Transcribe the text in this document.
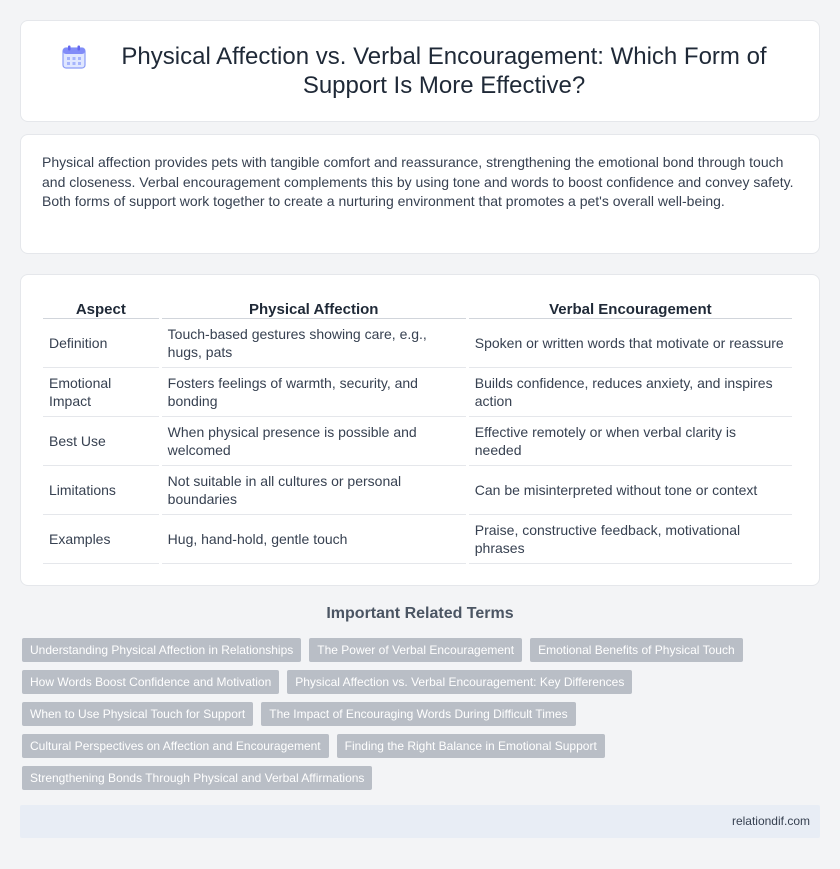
Physical Affection vs. Verbal Encouragement: Which Form of Support Is More Effective?

Physical affection provides pets with tangible comfort and reassurance, strengthening the emotional bond through touch and closeness. Verbal encouragement complements this by using tone and words to boost confidence and convey safety. Both forms of support work together to create a nurturing environment that promotes a pet's overall well-being.

Aspect	Physical Affection	Verbal Encouragement
Definition	Touch-based gestures showing care, e.g., hugs, pats	Spoken or written words that motivate or reassure
Emotional Impact	Fosters feelings of warmth, security, and bonding	Builds confidence, reduces anxiety, and inspires action
Best Use	When physical presence is possible and welcomed	Effective remotely or when verbal clarity is needed
Limitations	Not suitable in all cultures or personal boundaries	Can be misinterpreted without tone or context
Examples	Hug, hand-hold, gentle touch	Praise, constructive feedback, motivational phrases
Important Related Terms
Understanding Physical Affection in Relationships	The Power of Verbal Encouragement	Emotional Benefits of Physical Touch
How Words Boost Confidence and Motivation	Physical Affection vs. Verbal Encouragement: Key Differences
When to Use Physical Touch for Support	The Impact of Encouraging Words During Difficult Times
Cultural Perspectives on Affection and Encouragement	Finding the Right Balance in Emotional Support
Strengthening Bonds Through Physical and Verbal Affirmations
relationdif.com
